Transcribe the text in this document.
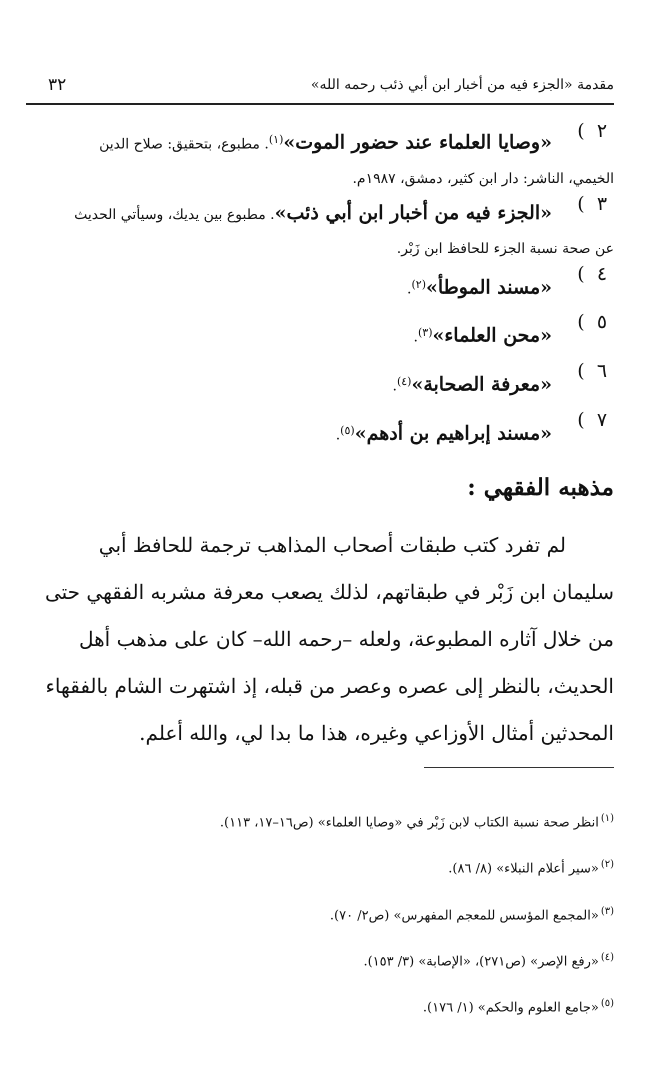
مقدمة «الجزء فيه من أخبار ابن أبي ذئب رحمه الله»
٣٢
٢)
«وصايا العلماء عند حضور الموت»$^{(١)}$. مطبوع، بتحقيق: صلاح الدين
الخيمي، الناشر: دار ابن كثير، دمشق، ١٩٨٧م.
٣)
«الجزء فيه من أخبار ابن أبي ذئب». مطبوع بين يديك، وسيأتي الحديث
عن صحة نسبة الجزء للحافظ ابن زَبْر.
٤)
«مسند الموطأ»$^{(٢)}$.
٥)
«محن العلماء»$^{(٣)}$.
٦)
«معرفة الصحابة»$^{(٤)}$.
٧)
«مسند إبراهيم بن أدهم»$^{(٥)}$.
مذهبه الفقهي :
لم تفرد كتب طبقات أصحاب المذاهب ترجمة للحافظ أبي
سليمان ابن زَبْر في طبقاتهم، لذلك يصعب معرفة مشربه الفقهي حتى
من خلال آثاره المطبوعة، ولعله –رحمه الله– كان على مذهب أهل
الحديث، بالنظر إلى عصره وعصر من قبله، إذ اشتهرت الشام بالفقهاء
المحدثين أمثال الأوزاعي وغيره، هذا ما بدا لي، والله أعلم.
$^{(١)}$انظر صحة نسبة الكتاب لابن زَبْر في «وصايا العلماء» (ص١٦–١٧، ١١٣).
$^{(٢)}$«سير أعلام النبلاء» (٨/ ٨٦).
$^{(٣)}$«المجمع المؤسس للمعجم المفهرس» (ص٢/ ٧٠).
$^{(٤)}$«رفع الإصر» (ص٢٧١)، «الإصابة» (٣/ ١٥٣).
$^{(٥)}$«جامع العلوم والحكم» (١/ ١٧٦).
